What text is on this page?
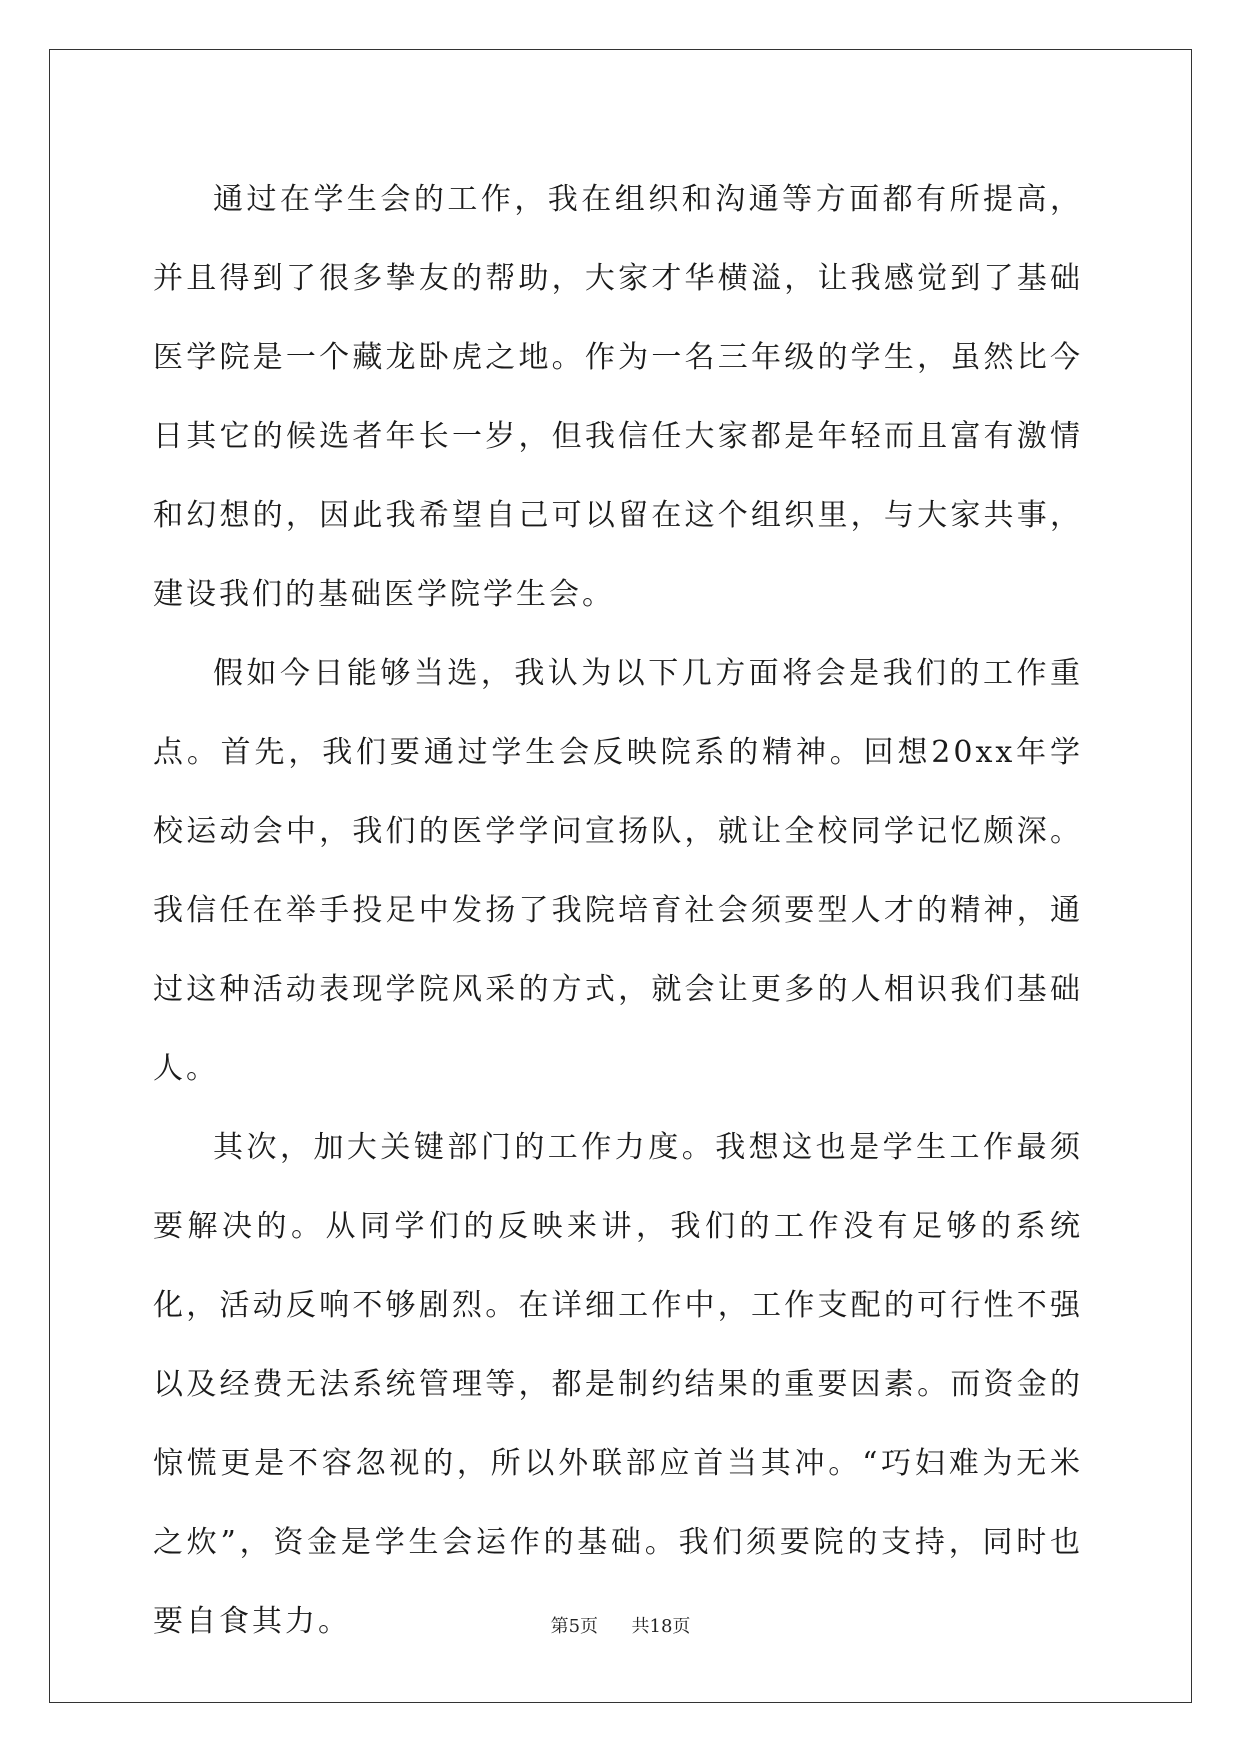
通过在学生会的工作，我在组织和沟通等方面都有所提高，并且得到了很多挚友的帮助，大家才华横溢，让我感觉到了基础医学院是一个藏龙卧虎之地。作为一名三年级的学生，虽然比今日其它的候选者年长一岁，但我信任大家都是年轻而且富有激情和幻想的，因此我希望自己可以留在这个组织里，与大家共事，建设我们的基础医学院学生会。

假如今日能够当选，我认为以下几方面将会是我们的工作重点。首先，我们要通过学生会反映院系的精神。回想20xx年学校运动会中，我们的医学学问宣扬队，就让全校同学记忆颇深。我信任在举手投足中发扬了我院培育社会须要型人才的精神，通过这种活动表现学院风采的方式，就会让更多的人相识我们基础人。

其次，加大关键部门的工作力度。我想这也是学生工作最须要解决的。从同学们的反映来讲，我们的工作没有足够的系统化，活动反响不够剧烈。在详细工作中，工作支配的可行性不强以及经费无法系统管理等，都是制约结果的重要因素。而资金的惊慌更是不容忽视的，所以外联部应首当其冲。“巧妇难为无米之炊”，资金是学生会运作的基础。我们须要院的支持，同时也要自食其力。	第5页 共18页
